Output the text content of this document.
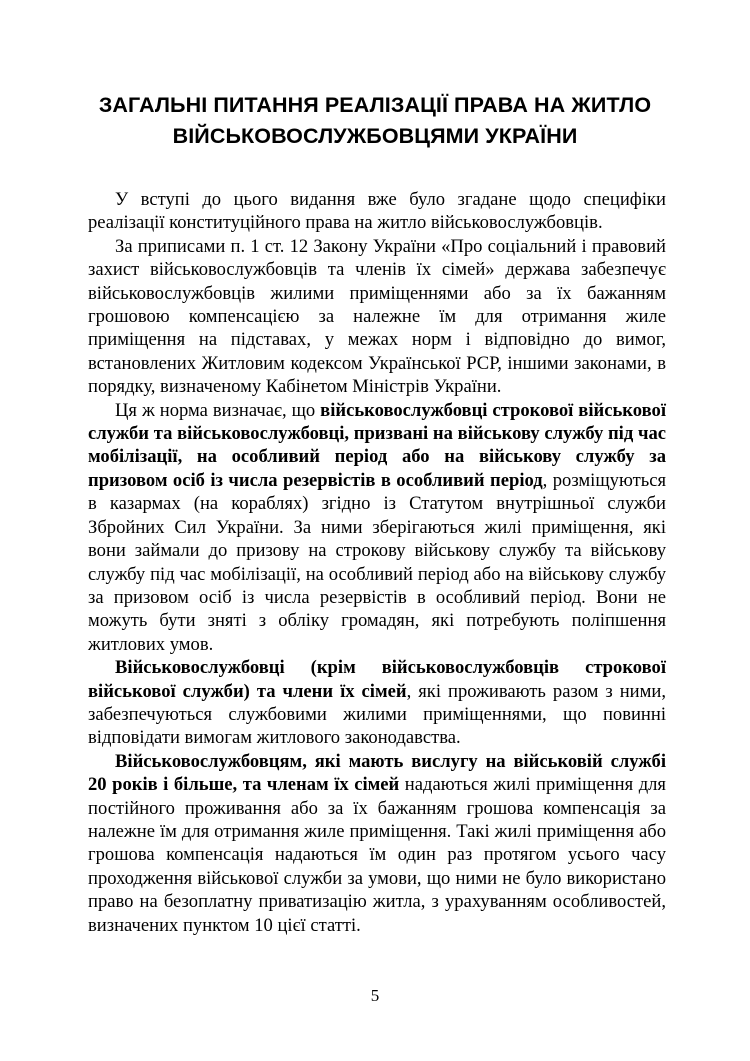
ЗАГАЛЬНІ ПИТАННЯ РЕАЛІЗАЦІЇ ПРАВА НА ЖИТЛО
ВІЙСЬКОВОСЛУЖБОВЦЯМИ УКРАЇНИ

У вступі до цього видання вже було згадане щодо специфіки реалізації конституційного права на житло військовослужбовців.

За приписами п. 1 ст. 12 Закону України «Про соціальний і правовий захист військовослужбовців та членів їх сімей» держава забезпечує військовослужбовців жилими приміщеннями або за їх бажанням грошовою компенсацією за належне їм для отримання жиле приміщення на підставах, у межах норм і відповідно до вимог, встановлених Житловим кодексом Української РСР, іншими законами, в порядку, визначеному Кабінетом Міністрів України.

Ця ж норма визначає, що військовослужбовці строкової військової служби та військовослужбовці, призвані на військову службу під час мобілізації, на особливий період або на військову службу за призовом осіб із числа резервістів в особливий період, розміщуються в казармах (на кораблях) згідно із Статутом внутрішньої служби Збройних Сил України. За ними зберігаються жилі приміщення, які вони займали до призову на строкову військову службу та військову службу під час мобілізації, на особливий період або на військову службу за призовом осіб із числа резервістів в особливий період. Вони не можуть бути зняті з обліку громадян, які потребують поліпшення житлових умов.

Військовослужбовці (крім військовослужбовців строкової військової служби) та члени їх сімей, які проживають разом з ними, забезпечуються службовими жилими приміщеннями, що повинні відповідати вимогам житлового законодавства.

Військовослужбовцям, які мають вислугу на військовій службі 20 років і більше, та членам їх сімей надаються жилі приміщення для постійного проживання або за їх бажанням грошова компенсація за належне їм для отримання жиле приміщення. Такі жилі приміщення або грошова компенсація надаються їм один раз протягом усього часу проходження військової служби за умови, що ними не було використано право на безоплатну приватизацію житла, з урахуванням особливостей, визначених пунктом 10 цієї статті.

5
